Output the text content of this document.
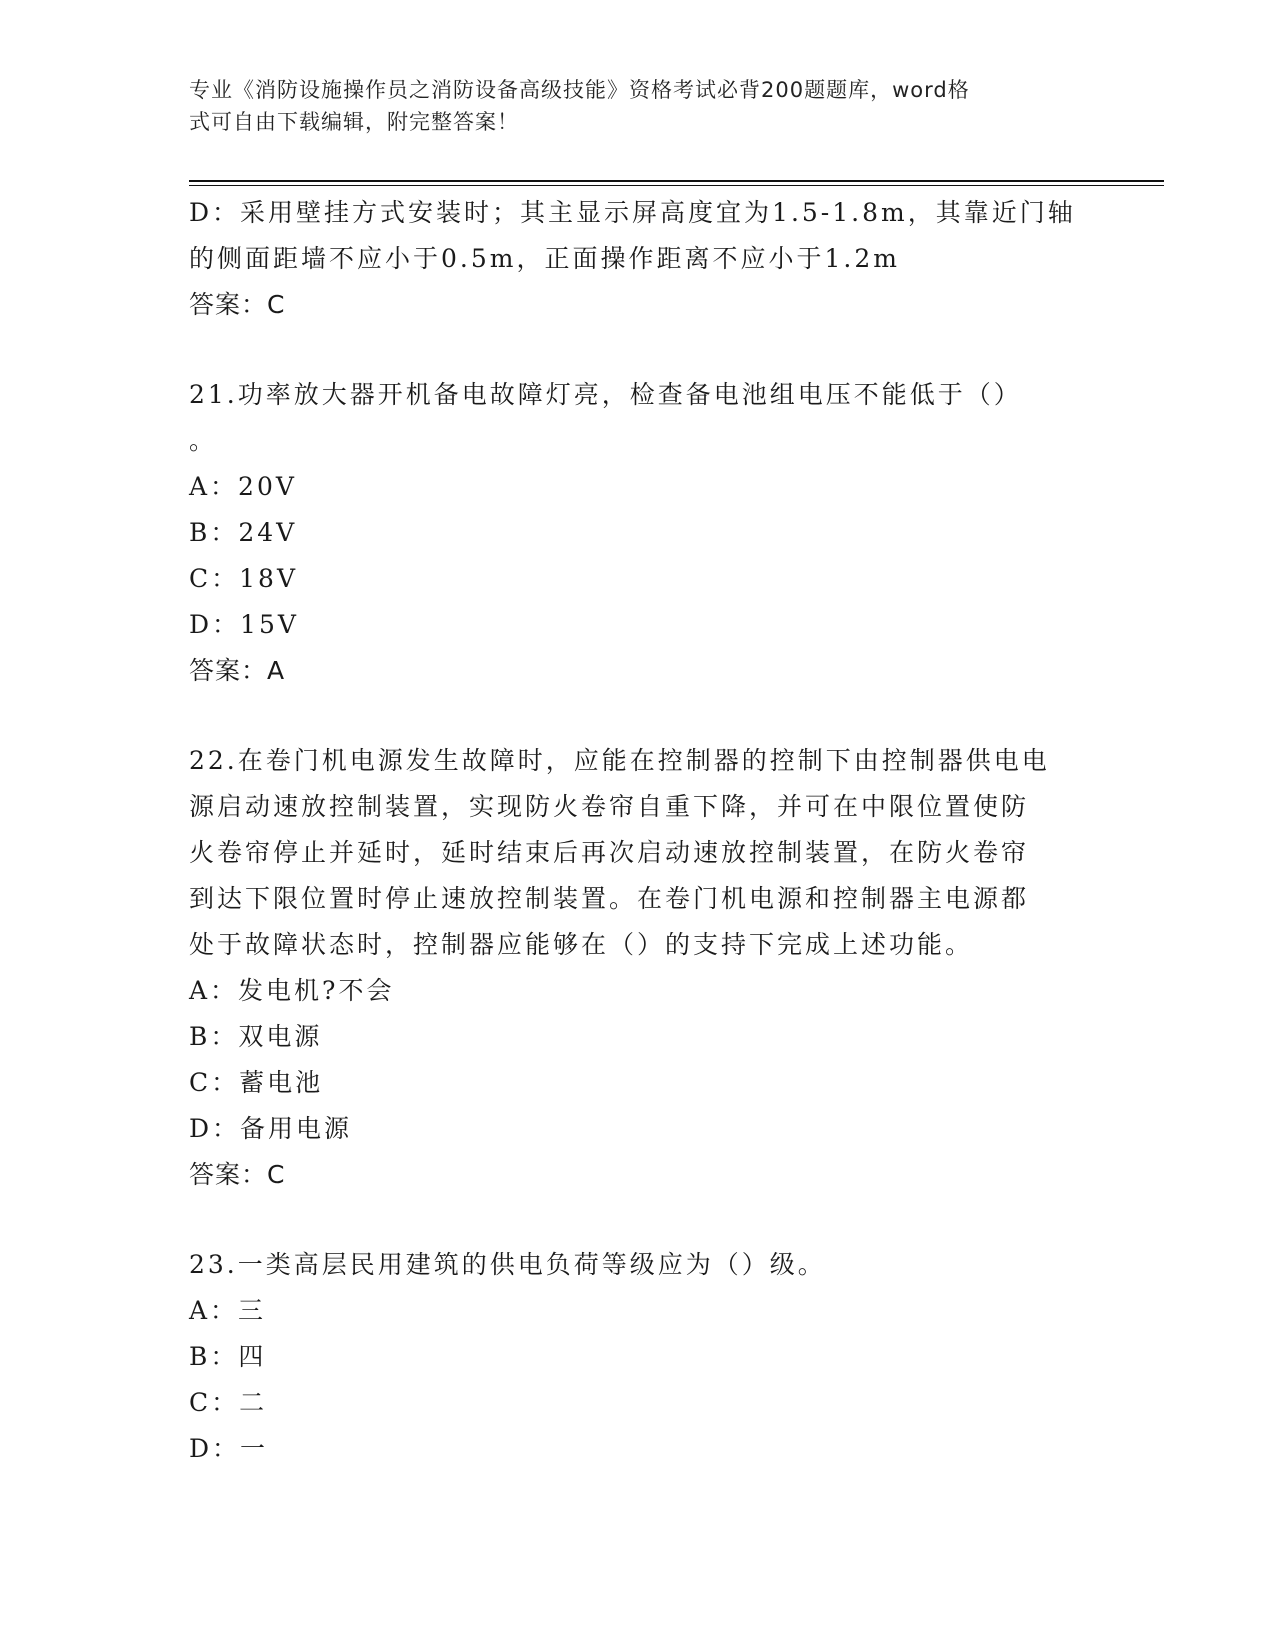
专业《消防设施操作员之消防设备高级技能》资格考试必背200题题库，word格
式可自由下载编辑，附完整答案！
D：采用壁挂方式安装时；其主显示屏高度宜为1.5-1.8m，其靠近门轴
的侧面距墙不应小于0.5m，正面操作距离不应小于1.2m
答案：C
21.功率放大器开机备电故障灯亮，检查备电池组电压不能低于（）
。
A：20V
B：24V
C：18V
D：15V
答案：A
22.在卷门机电源发生故障时，应能在控制器的控制下由控制器供电电
源启动速放控制装置，实现防火卷帘自重下降，并可在中限位置使防
火卷帘停止并延时，延时结束后再次启动速放控制装置，在防火卷帘
到达下限位置时停止速放控制装置。在卷门机电源和控制器主电源都
处于故障状态时，控制器应能够在（）的支持下完成上述功能。
A：发电机?不会
B：双电源
C：蓄电池
D：备用电源
答案：C
23.一类高层民用建筑的供电负荷等级应为（）级。
A：三
B：四
C：二
D：一
